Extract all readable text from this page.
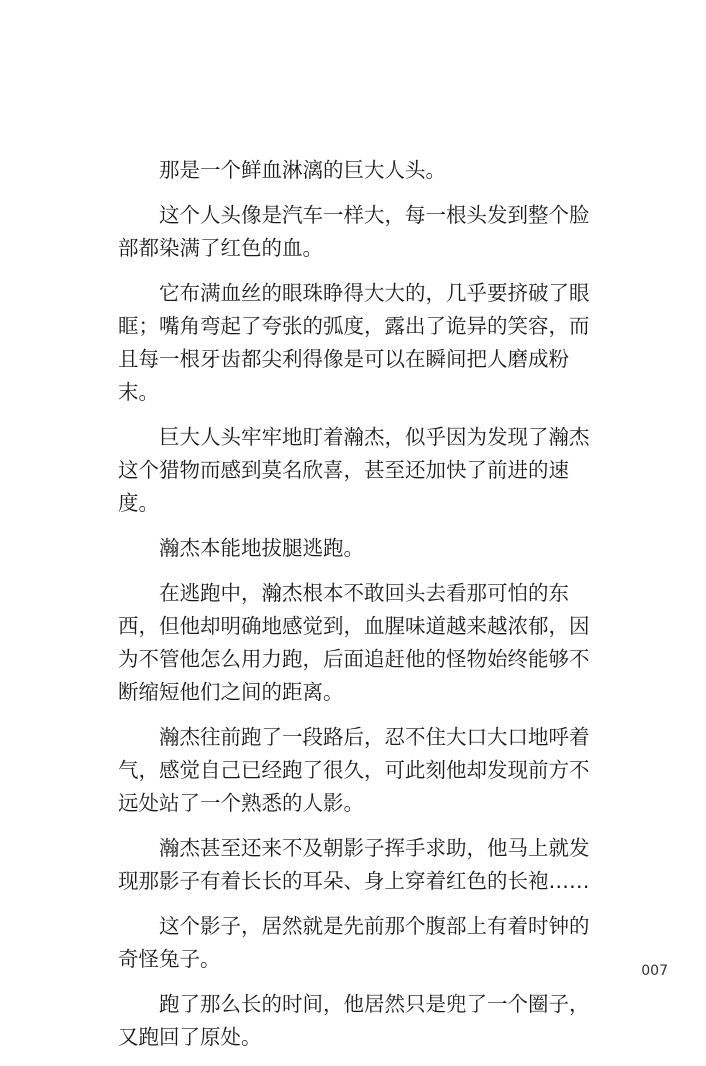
那是一个鲜血淋漓的巨大人头。

这个人头像是汽车一样大，每一根头发到整个脸部都染满了红色的血。

它布满血丝的眼珠睁得大大的，几乎要挤破了眼眶；嘴角弯起了夸张的弧度，露出了诡异的笑容，而且每一根牙齿都尖利得像是可以在瞬间把人磨成粉末。

巨大人头牢牢地盯着瀚杰，似乎因为发现了瀚杰这个猎物而感到莫名欣喜，甚至还加快了前进的速度。

瀚杰本能地拔腿逃跑。

在逃跑中，瀚杰根本不敢回头去看那可怕的东西，但他却明确地感觉到，血腥味道越来越浓郁，因为不管他怎么用力跑，后面追赶他的怪物始终能够不断缩短他们之间的距离。

瀚杰往前跑了一段路后，忍不住大口大口地呼着气，感觉自己已经跑了很久，可此刻他却发现前方不远处站了一个熟悉的人影。

瀚杰甚至还来不及朝影子挥手求助，他马上就发现那影子有着长长的耳朵、身上穿着红色的长袍……

这个影子，居然就是先前那个腹部上有着时钟的奇怪兔子。

跑了那么长的时间，他居然只是兜了一个圈子，又跑回了原处。

007
